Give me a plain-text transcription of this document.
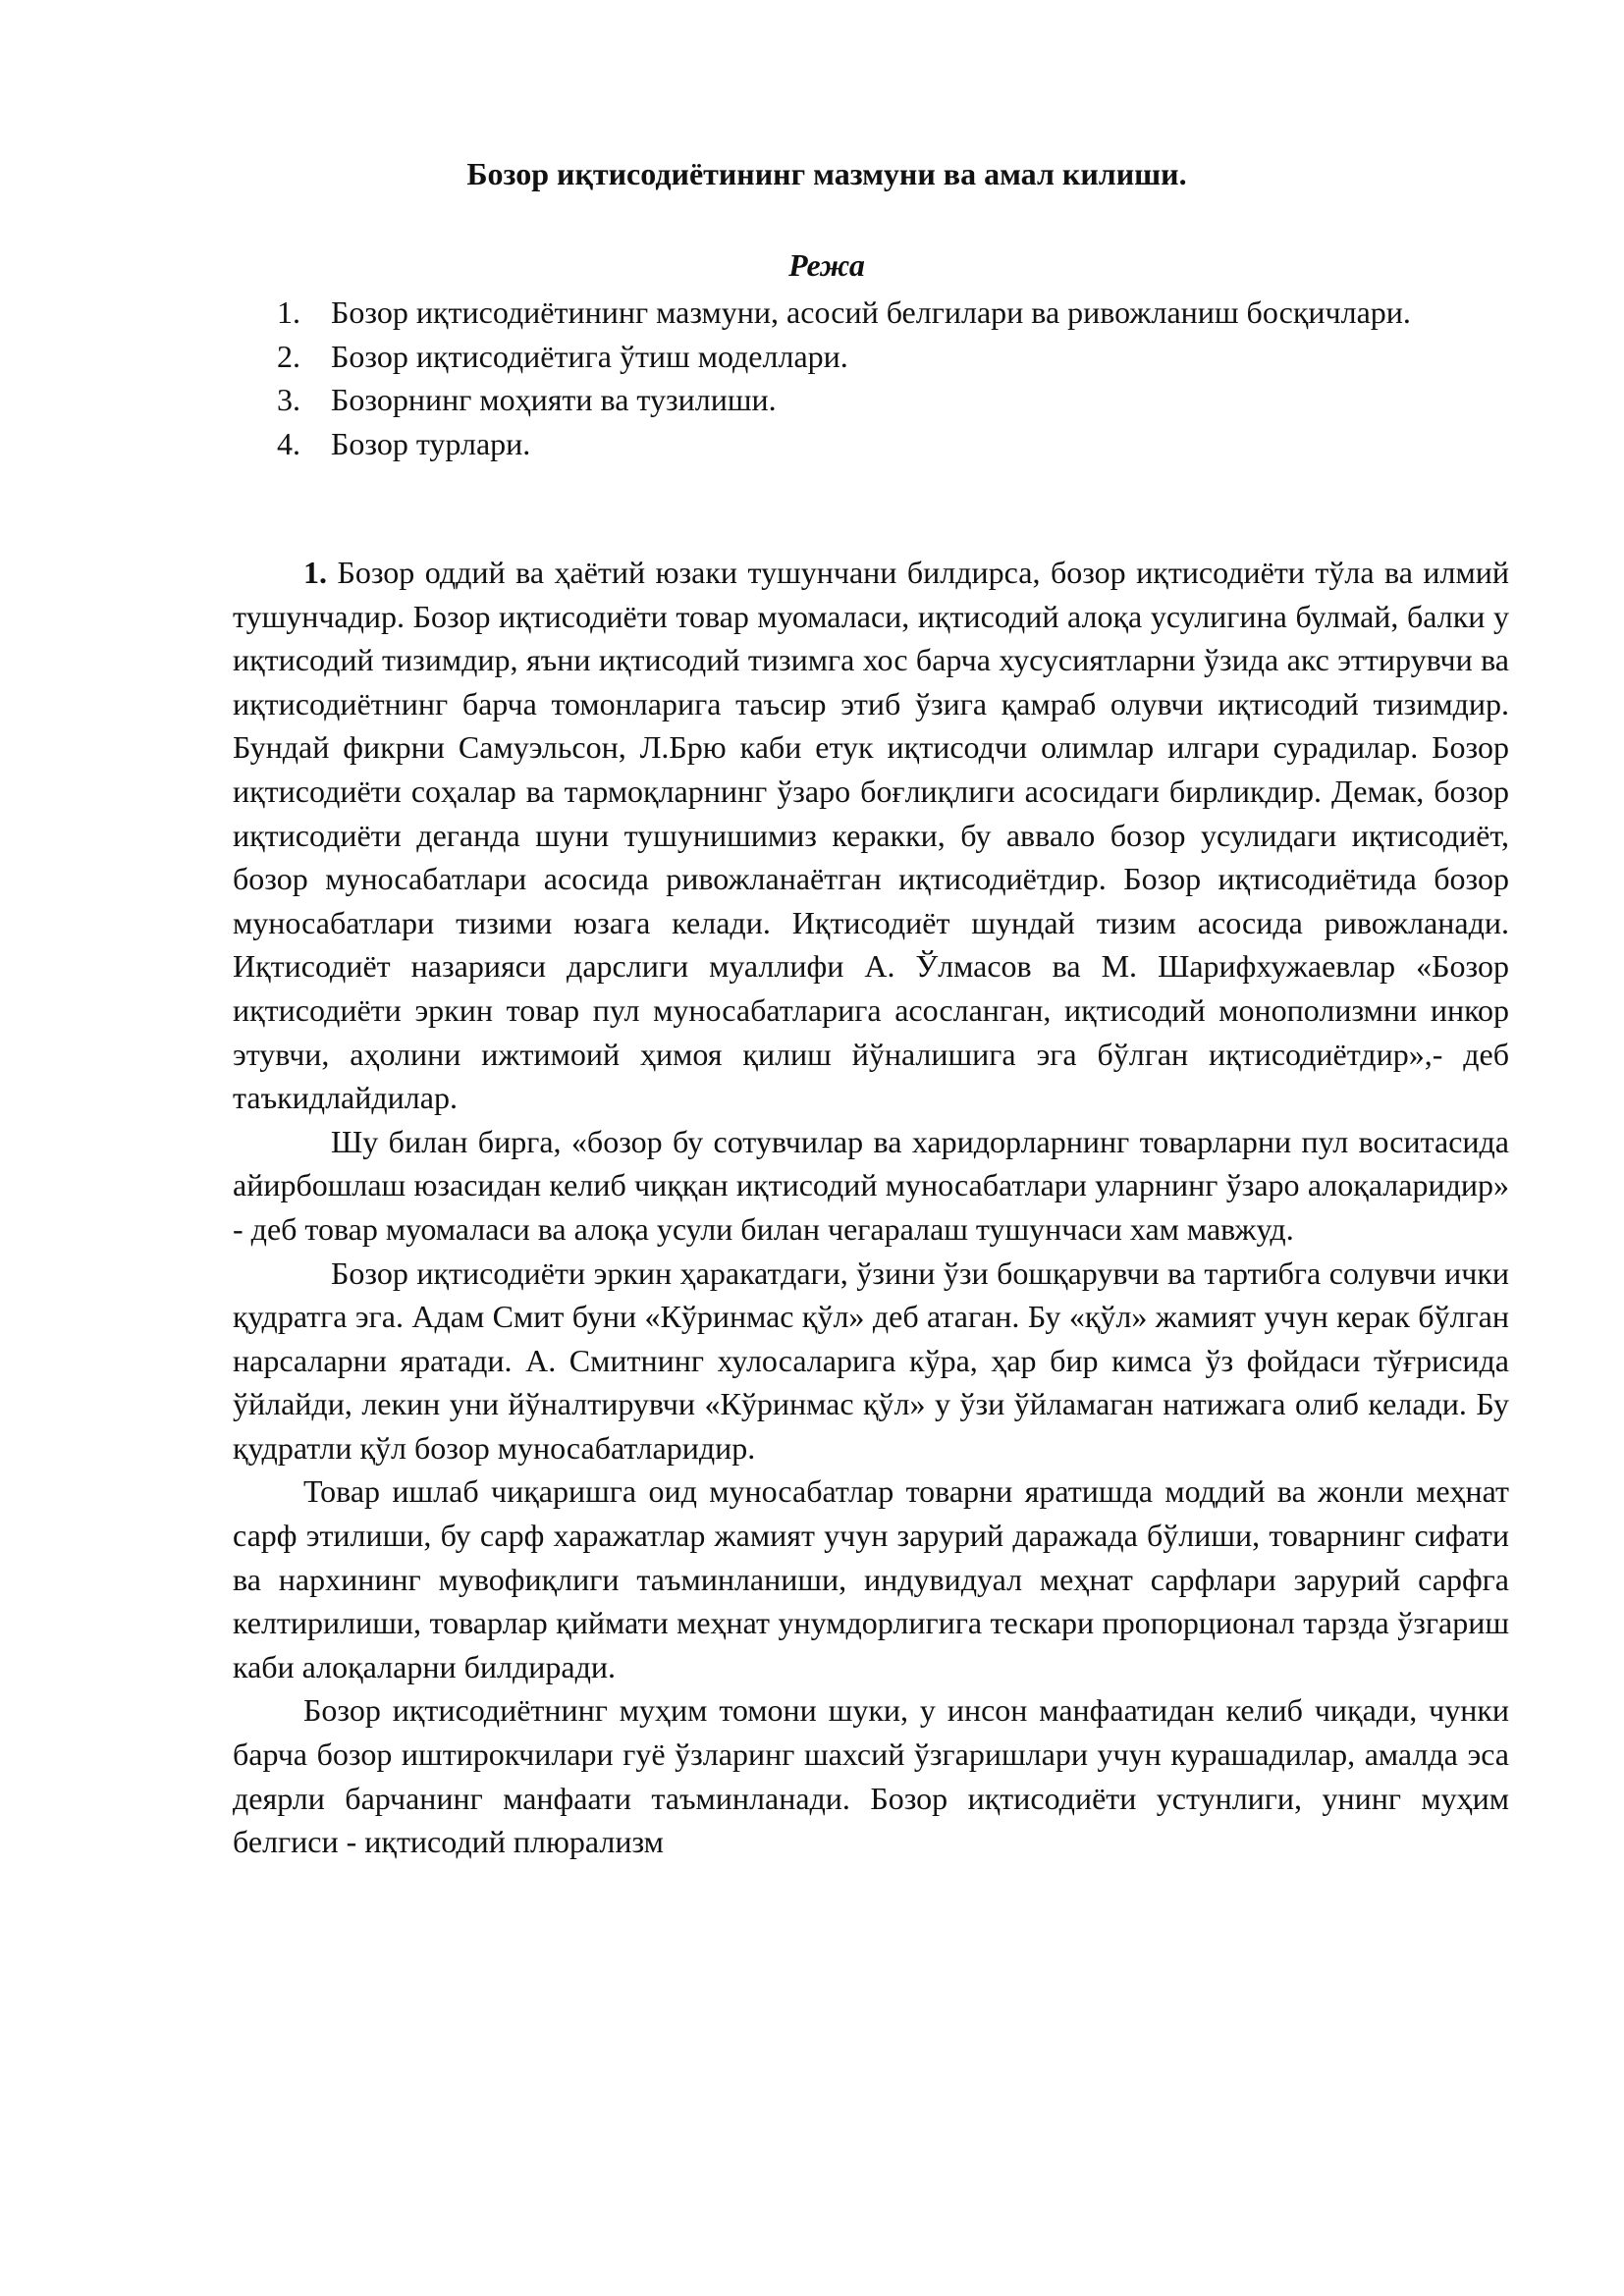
Бозор иқтисодиётининг мазмуни ва амал килиши.
Режа
1. Бозор иқтисодиётининг мазмуни, асосий белгилари ва ривожланиш босқичлари.
2. Бозор иқтисодиётига ўтиш моделлари.
3. Бозорнинг моҳияти ва тузилиши.
4. Бозор турлари.

1. Бозор оддий ва ҳаётий юзаки тушунчани билдирса, бозор иқтисодиёти тўла ва илмий тушунчадир. Бозор иқтисодиёти товар муомаласи, иқтисодий алоқа усулигина булмай, балки у иқтисодий тизимдир, яъни иқтисодий тизимга хос барча хусусиятларни ўзида акс эттирувчи ва иқтисодиётнинг барча томонларига таъсир этиб ўзига қамраб олувчи иқтисодий тизимдир. Бундай фикрни Самуэльсон, Л.Брю каби етук иқтисодчи олимлар илгари сурадилар. Бозор иқтисодиёти соҳалар ва тармоқларнинг ўзаро боғлиқлиги асосидаги бирликдир. Демак, бозор иқтисодиёти деганда шуни тушунишимиз керакки, бу аввало бозор усулидаги иқтисодиёт, бозор муносабатлари асосида ривожланаётган иқтисодиётдир. Бозор иқтисодиётида бозор муносабатлари тизими юзага келади. Иқтисодиёт шундай тизим асосида ривожланади. Иқтисодиёт назарияси дарслиги муаллифи А. Ўлмасов ва М. Шарифхужаевлар «Бозор иқтисодиёти эркин товар пул муносабатларига асосланган, иқтисодий монополизмни инкор этувчи, аҳолини ижтимоий ҳимоя қилиш йўналишига эга бўлган иқтисодиётдир»,- деб таъкидлайдилар.

Шу билан бирга, «бозор бу сотувчилар ва харидорларнинг товарларни пул воситасида айирбошлаш юзасидан келиб чиққан иқтисодий муносабатлари уларнинг ўзаро алоқаларидир» - деб товар муомаласи ва алоқа усули билан чегаралаш тушунчаси хам мавжуд.

Бозор иқтисодиёти эркин ҳаракатдаги, ўзини ўзи бошқарувчи ва тартибга солувчи ички қудратга эга. Адам Смит буни «Кўринмас қўл» деб атаган. Бу «қўл» жамият учун керак бўлган нарсаларни яратади. А. Смитнинг хулосаларига кўра, ҳар бир кимса ўз фойдаси тўғрисида ўйлайди, лекин уни йўналтирувчи «Кўринмас қўл» у ўзи ўйламаган натижага олиб келади. Бу қудратли қўл бозор муносабатларидир.

Товар ишлаб чиқаришга оид муносабатлар товарни яратишда моддий ва жонли меҳнат сарф этилиши, бу сарф харажатлар жамият учун зарурий даражада бўлиши, товарнинг сифати ва нархининг мувофиқлиги таъминланиши, индувидуал меҳнат сарфлари зарурий сарфга келтирилиши, товарлар қиймати меҳнат унумдорлигига тескари пропорционал тарзда ўзгариш каби алоқаларни билдиради.

Бозор иқтисодиётнинг муҳим томони шуки, у инсон манфаатидан келиб чиқади, чунки барча бозор иштирокчилари гуё ўзларинг шахсий ўзгаришлари учун курашадилар, амалда эса деярли барчанинг манфаати таъминланади. Бозор иқтисодиёти устунлиги, унинг муҳим белгиси - иқтисодий плюрализм
